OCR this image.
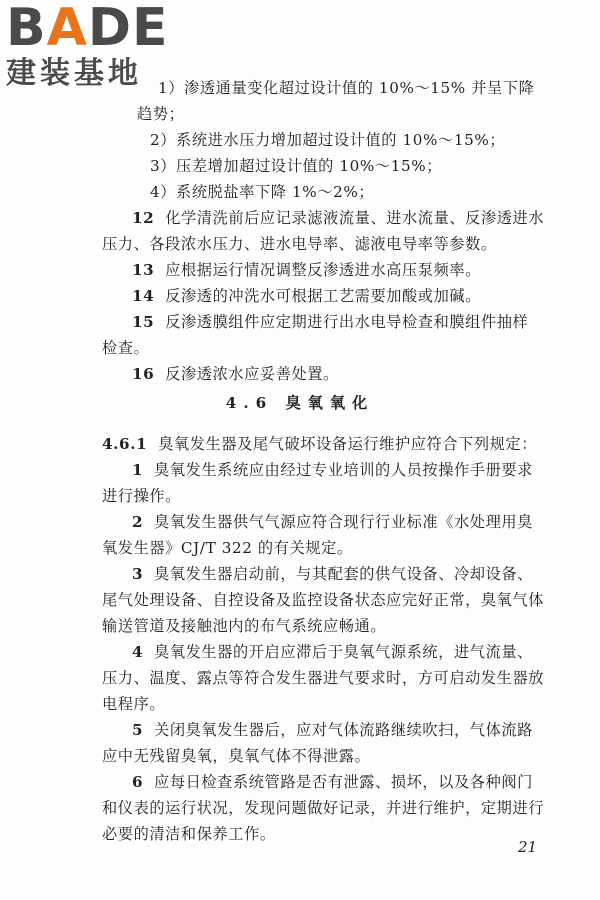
BADE
建装基地	1）渗透通量变化超过设计值的 10%～15% 并呈下降
趋势；
2）系统进水压力增加超过设计值的 10%～15%；
3）压差增加超过设计值的 10%～15%；
4）系统脱盐率下降 1%～2%；
12 化学清洗前后应记录滤液流量、进水流量、反渗透进水
压力、各段浓水压力、进水电导率、滤液电导率等参数。
13 应根据运行情况调整反渗透进水高压泵频率。
14 反渗透的冲洗水可根据工艺需要加酸或加碱。
15 反渗透膜组件应定期进行出水电导检查和膜组件抽样
检查。
16 反渗透浓水应妥善处置。
4.6 臭氧氧化
4.6.1 臭氧发生器及尾气破坏设备运行维护应符合下列规定：
1 臭氧发生系统应由经过专业培训的人员按操作手册要求
进行操作。
2 臭氧发生器供气气源应符合现行行业标准《水处理用臭
氧发生器》CJ/T 322 的有关规定。
3 臭氧发生器启动前，与其配套的供气设备、冷却设备、
尾气处理设备、自控设备及监控设备状态应完好正常，臭氧气体
输送管道及接触池内的布气系统应畅通。
4 臭氧发生器的开启应滞后于臭氧气源系统，进气流量、
压力、温度、露点等符合发生器进气要求时，方可启动发生器放
电程序。
5 关闭臭氧发生器后，应对气体流路继续吹扫，气体流路
应中无残留臭氧，臭氧气体不得泄露。
6 应每日检查系统管路是否有泄露、损坏，以及各种阀门
和仪表的运行状况，发现问题做好记录，并进行维护，定期进行
必要的清洁和保养工作。
21
